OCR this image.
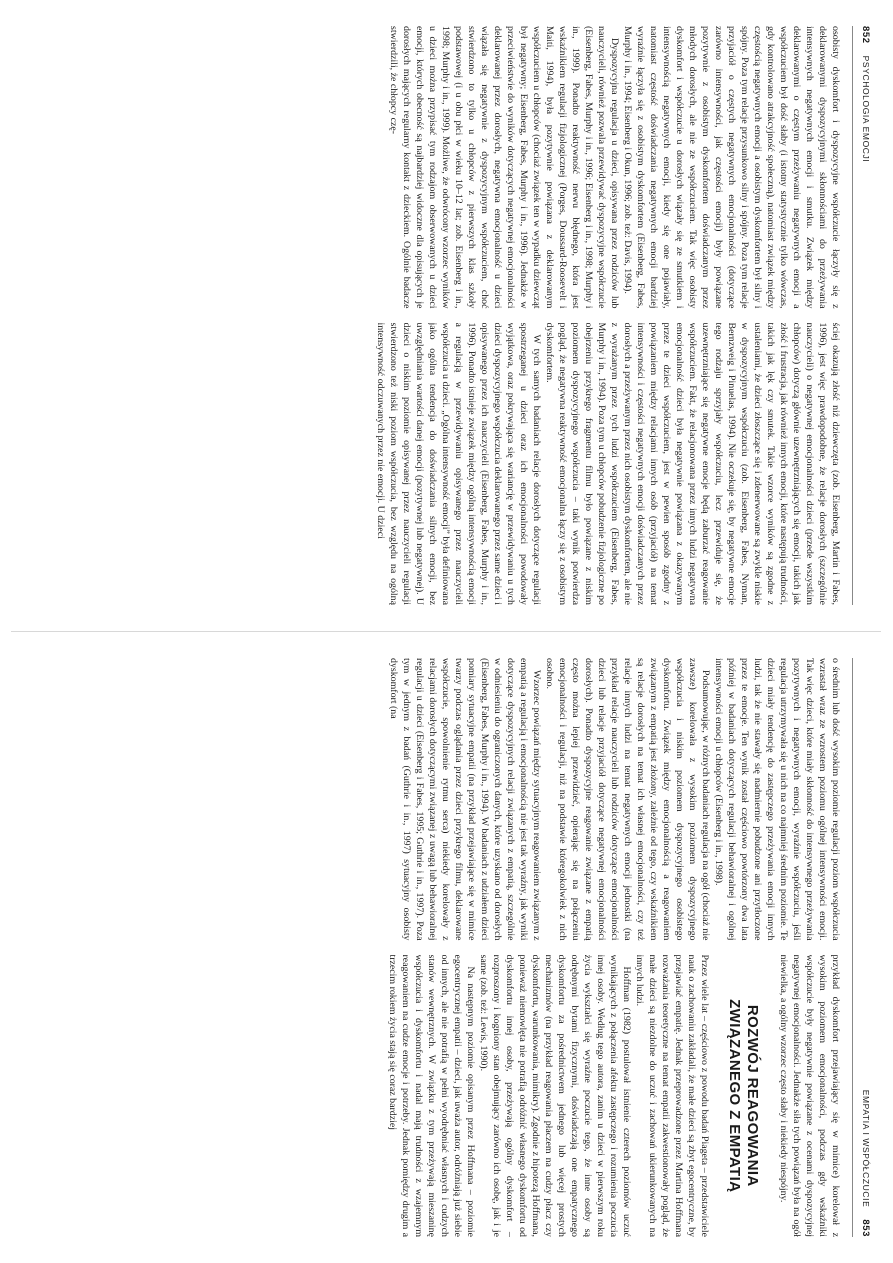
852
PSYCHOLOGIA EMOCJI

osobisty dyskomfort i dyspozycyjne współczucie łączyły się z deklarowanymi dyspozycyjnymi skłonnościami do przeżywania intensywnych negatywnych emocji i smutku. Związek między deklarowanymi o częstym przeżywaniu negatywnych emocji a współczuciem był dość słaby (i istotny statystycznie tylko wówczas, gdy kontrolowano atrakcyjność społeczną), natomiast związek między częstością negatywnych emocji a osobistym dyskomfortem był silny i spójny. Poza tym relacje przysunkowo silny i spójny. Poza tym relacje przyjaciół o częstych negatywnych emocjonalności (dotyczące zarówno intensywności, jak częstości emocji) były powiązane pozytywnie z osobistym dyskomfortem doświadczanym przez młodych dorosłych, ale nie ze współczuciem. Tak więc osobisty dyskomfort i współczucie u dorosłych wiązały się ze smutkiem i intensywnością negatywnych emocji, kiedy się one pojawiały, natomiast częstość doświadczania negatywnych emocji bardziej wyraźnie łączyła się z osobistym dyskomfortem (Eisenberg, Fabes, Murphy i in., 1994; Eisenberg i Okun, 1996; zob. też: Davis, 1994).

Dyspozycyjna regulacja u dzieci, opisywana przez rodziców lub nauczycieli, również pozwala przewidywać dyspozycyjne współczucie (Eisenberg, Fabes, Murphy i in., 1996; Eisenberg i in., 1998; Murphy i in., 1999). Ponadto reaktywność nerwu błędnego, która jest wskaźnikiem regulacji fizjologicznej (Porges, Doussard-Roosevelt i Maiti, 1994), była pozytywnie powiązana z deklarowanym współczuciem u chłopców (chociaż związek ten w wypadku dziewcząt był negatywny; Eisenberg, Fabes, Murphy i in., 1996). Jednakże w przeciwieństwie do wyników dotyczących negatywnej emocjonalności deklarowanej przez dorosłych, negatywna emocjonalność u dzieci wiązała się negatywnie z dyspozycyjnym współczuciem, choć stwierdzono to tylko u chłopców z pierwszych klas szkoły podstawowej (i u obu płci w wieku 10–12 lat; zob. Eisenberg i in., 1998; Murphy i in., 1999). Możliwe, że odwrócony wzorzec wyników u dzieci można przypisać tym rodzajom obserwowanych u dzieci emocji, których obecność są najbardziej widoczne dla opisujących je dorosłych mających regularny kontakt z dzieckiem. Ogólnie badacze stwierdzili, że chłopcy czę-

ściej okazują złość niż dziewczęta (zob. Eisenberg, Martin i Fabes, 1996), jest więc prawdopodobne, że relacje dorosłych (szczególnie nauczycieli) o negatywnej emocjonalności dzieci (przede wszystkim chłopców) dotyczą głównie uzewnętrzniających się emocji, takich jak złość i frustracja, jak również innych emocji, które następują trudności, takich jak lęk czy smutek. Takie wzorce wyników są zgodne z ustaleniami, że dzieci złoszczące się i zdenerwowane są zwykle niskie w dyspozycyjnym współczuciu (zob. Eisenberg, Fabes, Nyman, Bernzweig i Pinuelas, 1994). Nie oczekuje się, by negatywne emocje tego rodzaju sprzyjały współczuciu, lecz przewiduje się, że uzewnętrzniające się negatywne emocje będą zaburzać reagowanie współczuciem. Fakt, że relacjonowana przez innych ludzi negatywna emocjonalność dzieci była negatywnie powiązana z okazywanym przez te dzieci współczuciem, jest w pewien sposób zgodny z powiązaniem między relacjami innych osób (przyjaciół) na temat intensywności i częstości negatywnych emocji doświadczanych przez dorosłych a przeżywanym przez nich osobistym dyskomfortem, ale nie z wyrażanym przez tych ludzi współczuciem (Eisenberg, Fabes, Murphy i in., 1994). Poza tym u chłopców pobudzenie fizjologiczne po obejrzeniu przykrego fragmentu filmu było powiązane z niskim poziomem dyspozycyjnego współczucia – taki wynik potwierdza pogląd, że negatywna reaktywność emocjonalna łączy się z osobistym dyskomfortem.

W tych samych badaniach relacje dorosłych dotyczące regulacji spostrzeganej u dzieci oraz ich emocjonalności powodowały wyjątkowa, oraz pokrywająca się wariancję w przewidywaniu u tych dzieci dyspozycyjnego współczucia deklarowanego przez same dzieci i opisywanego przez ich nauczycieli (Eisenberg, Fabes, Murphy i in., 1996). Ponadto istnieje związek między ogólną intensywnością emocji a regulacją w przewidywaniu opisywanego przez nauczycieli współczucia u dzieci. „Ogólna intensywność emocji” była definiowana jako ogólna tendencja do doświadczania silnych emocji, bez uwzględniania wartości danej emocji (pozytywnej lub negatywnej). U dzieci o niskim poziomie opisywanej przez nauczycieli regulacji stwierdzono też niski poziom współczucia, bez względu na ogólną intensywność odczuwanych przez nie emocji. U dzieci

EMPATIA I WSPÓŁCZUCIE
853

o średnim lub dość wysokim poziomie regulacji poziom współczucia wzrastał wraz ze wzrostem poziomu ogólnej intensywności emocji. Tak więc dzieci, które miały skłonność do intensywnego przeżywania pozytywnych i negatywnych emocji, wyraźnie współczuciu, jeśli regulacja utrzymywała się u nich na co najmniej średnim poziomie. Te dzieci miały tendencję do zastępczego przeżywania emocji innych ludzi, tak że nie stawały się nadmiernie pobudzone ani przytłoczone przez te emocje. Ten wynik został częściowo powtórzony dwa lata później w badaniach dotyczących regulacji behawioralnej i ogólnej intensywności emocji u chłopców (Eisenberg i in., 1998).

Podsumowując, w różnych badaniach regulacja na ogół (chociaż nie zawsze) korelowała z wysokim poziomem dyspozycyjnego współczucia i niskim poziomem dyspozycyjnego osobistego dyskomfortu. Związek między emocjonalnością a reagowaniem związanym z empatią jest złożony, zależnie od tego, czy wskaźnikiem są relacje dorosłych na temat ich własnej emocjonalności, czy też relacje innych ludzi na temat negatywnych emocji jednostki (na przykład relacje nauczycieli lub rodziców dotyczące emocjonalności dzieci lub relacje przyjaciół dotyczące negatywnej emocjonalności dorosłych). Ponadto dyspozycyjne reagowanie związane z empatią często można lepiej przewidzieć, opierając się na połączeniu emocjonalności i regulacji, niż na podstawie któregokolwiek z nich osobno.

Wzorzec powiązań między sytuacyjnym reagowaniem związanym z empatią a regulacją i emocjonalnością nie jest tak wyraźny, jak wyniki dotyczące dyspozycyjnych relacji związanych z empatią, szczególnie w odniesieniu do ograniczonych danych, które uzyskano od dorosłych (Eisenberg, Fabes, Murphy i in., 1994). W badaniach z udziałem dzieci pomiary sytuacyjne empatii (na przykład przejawiające się w mimice twarzy podczas oglądania przez dzieci przykrego filmu, deklarowane współczucie, spowolnienie rytmu serca) niekiedy korelowały z relacjami dorosłych dotyczącymi związanej z uwagą lub behawioralnej regulacji u dzieci (Eisenberg i Fabes, 1995; Guthrie i in., 1997). Poza tym w jednym z badań (Guthrie i in., 1997) sytuacyjny osobisty dyskomfort (na

przykład dyskomfort przejawiający się w mimice) korelował z wysokim poziomem emocjonalności, podczas gdy wskaźniki współczucie były negatywnie powiązane z ocenami dyspozycyjnej negatywnej emocjonalności. Jednakże siła tych powiązań była na ogół niewielka, a ogólny wzorzec często słaby i niekiedy niespójny.

ROZWÓJ REAGOWANIA ZWIĄZANEGO Z EMPATIĄ

Przez wiele lat – częściowo z powodu badań Piageta – przedstawiciele nauk o zachowaniu zakładali, że małe dzieci są zbyt egocentryczne, by przejawiać empatię. Jednak przeprowadzone przez Martina Hoffmana rozważania teoretyczne na temat empatii zakwestionowały pogląd, że małe dzieci są niezdolne do uczuć i zachowań ukierunkowanych na innych ludzi.

Hoffman (1982) postulował istnienie czterech poziomów uczuć wynikających z połączenia afektu zastępczego i rozumienia poczucia innej osoby. Według tego autora, zanim u dzieci w pierwszym roku życia wykształci się wyraźne poczucie tego, że inne osoby są odrębnymi bytami fizycznymi, doświadczają one empatycznego dyskomfortu za pośrednictwem jednego lub więcej prostych mechanizmów (na przykład reagowania płaczem na cudzy płacz czy dyskomfortu, warunkowania, mimikry). Zgodnie z hipotezą Hoffmana, ponieważ niemowlęta nie potrafią odróżnić własnego dyskomfortu od dyskomfortu innej osoby, przeżywają ogólny dyskomfort – rozproszony i kogniony stan obejmujący zarówno ich osobę, jak i je same (zob. też: Lewis, 1990).

Na następnym poziomie opisanym przez Hoffmana – poziomie egocentrycznej empatii – dzieci, jak uważa autor, odróżniają już siebie od innych, ale nie potrafią w pełni wyodrębniać własnych i cudzych stanów wewnętrznych. W związku z tym przeżywają mieszaninę współczucia i dyskomfortu i nadal mają trudności z wzajemnym reagowaniem na cudze emocje i potrzeby. Jednak pomiędzy drugim a trzecim rokiem życia stają się coraz bardziej
